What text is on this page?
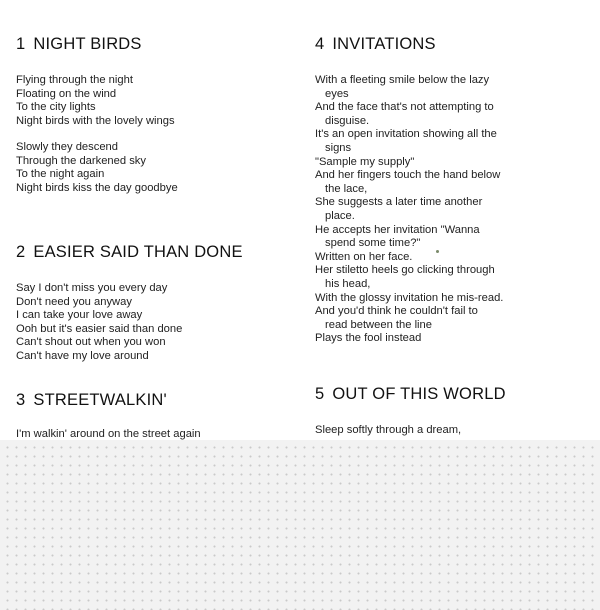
1 NIGHT BIRDS
Flying through the night
Floating on the wind
To the city lights
Night birds with the lovely wings
Slowly they descend
Through the darkened sky
To the night again
Night birds kiss the day goodbye
2 EASIER SAID THAN DONE
Say I don't miss you every day
Don't need you anyway
I can take your love away
Ooh but it's easier said than done
Can't shout out when you won
Can't have my love around
3 STREETWALKIN'
I'm walkin' around on the street again
4 INVITATIONS
With a fleeting smile below the lazy
eyes
And the face that's not attempting to
disguise.
It's an open invitation showing all the
signs
"Sample my supply"
And her fingers touch the hand below
the lace,
She suggests a later time another
place.
He accepts her invitation "Wanna
spend some time?"
Written on her face.
Her stiletto heels go clicking through
his head,
With the glossy invitation he mis-read.
And you'd think he couldn't fail to
read between the line
Plays the fool instead
5 OUT OF THIS WORLD
Sleep softly through a dream,
